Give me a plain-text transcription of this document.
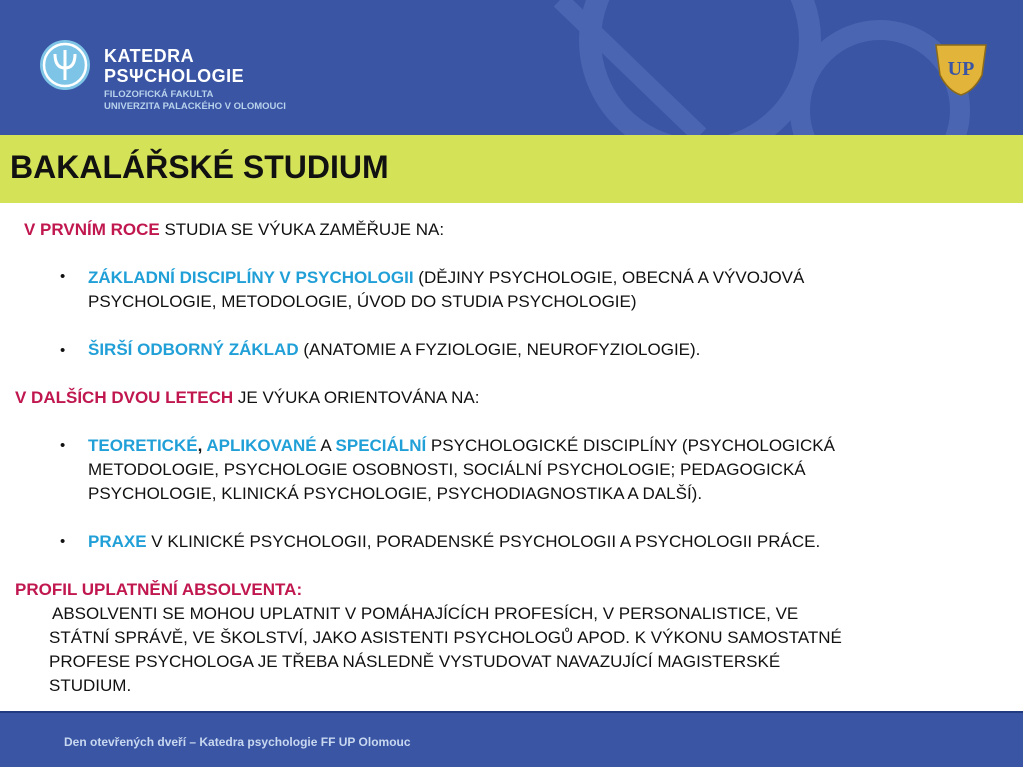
KATEDRA
PSΨCHOLOGIE
FILOZOFICKÁ FAKULTA
UNIVERZITA PALACKÉHO V OLOMOUCI
UP
BAKALÁŘSKÉ STUDIUM
V PRVNÍM ROCE STUDIA SE VÝUKA ZAMĚŘUJE NA:
• ZÁKLADNÍ DISCIPLÍNY V PSYCHOLOGII (DĚJINY PSYCHOLOGIE, OBECNÁ A VÝVOJOVÁ
PSYCHOLOGIE, METODOLOGIE, ÚVOD DO STUDIA PSYCHOLOGIE)
• ŠIRŠÍ ODBORNÝ ZÁKLAD (ANATOMIE A FYZIOLOGIE, NEUROFYZIOLOGIE).
V DALŠÍCH DVOU LETECH JE VÝUKA ORIENTOVÁNA NA:
• TEORETICKÉ, APLIKOVANÉ A SPECIÁLNÍ PSYCHOLOGICKÉ DISCIPLÍNY (PSYCHOLOGICKÁ
METODOLOGIE, PSYCHOLOGIE OSOBNOSTI, SOCIÁLNÍ PSYCHOLOGIE; PEDAGOGICKÁ
PSYCHOLOGIE, KLINICKÁ PSYCHOLOGIE, PSYCHODIAGNOSTIKA A DALŠÍ).
• PRAXE V KLINICKÉ PSYCHOLOGII, PORADENSKÉ PSYCHOLOGII A PSYCHOLOGII PRÁCE.
PROFIL UPLATNĚNÍ ABSOLVENTA:
ABSOLVENTI SE MOHOU UPLATNIT V POMÁHAJÍCÍCH PROFESÍCH, V PERSONALISTICE, VE
STÁTNÍ SPRÁVĚ, VE ŠKOLSTVÍ, JAKO ASISTENTI PSYCHOLOGŮ APOD. K VÝKONU SAMOSTATNÉ
PROFESE PSYCHOLOGA JE TŘEBA NÁSLEDNĚ VYSTUDOVAT NAVAZUJÍCÍ MAGISTERSKÉ
STUDIUM.
Den otevřených dveří – Katedra psychologie FF UP Olomouc
